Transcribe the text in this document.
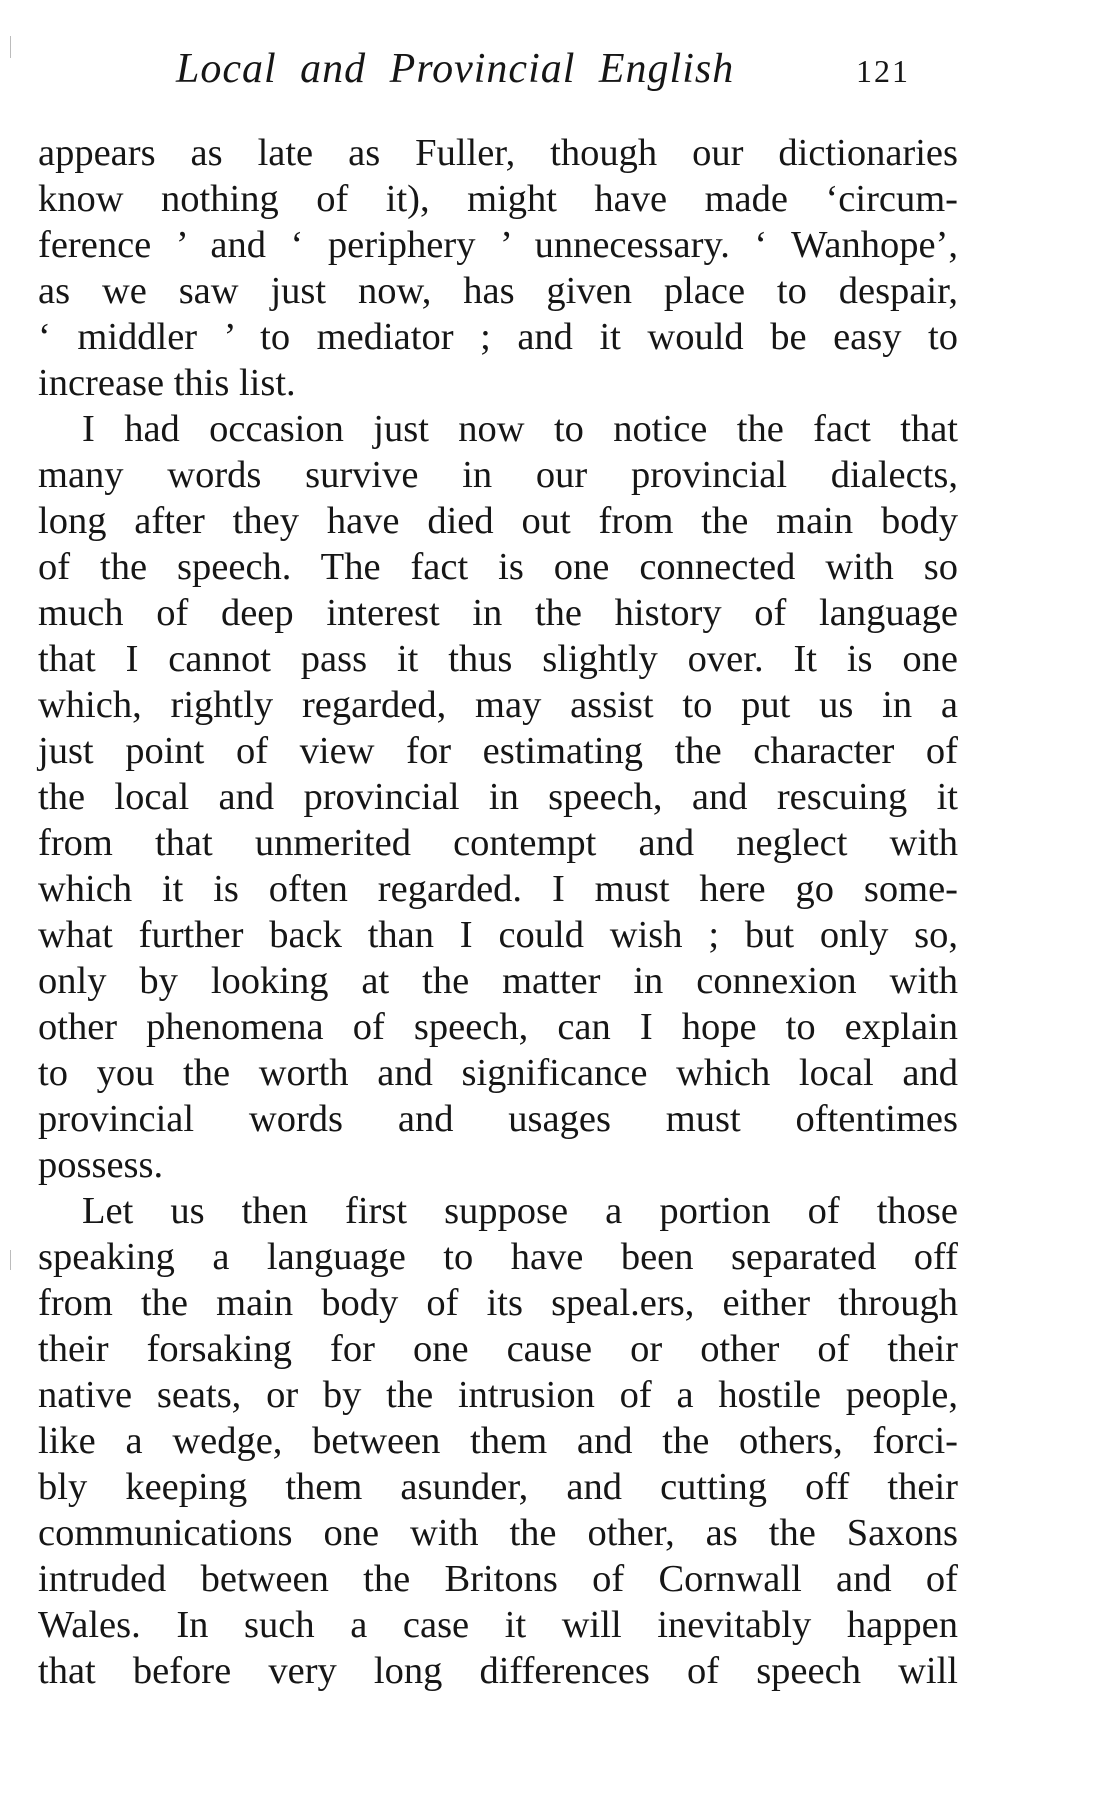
Local and Provincial English	121
appears as late as Fuller, though our dictionaries
know nothing of it), might have made ‘circum-
ference ’ and ‘ periphery ’ unnecessary. ‘ Wanhope’,
as we saw just now, has given place to despair,
‘ middler ’ to mediator ; and it would be easy to
increase this list.
I had occasion just now to notice the fact that
many words survive in our provincial dialects,
long after they have died out from the main body
of the speech. The fact is one connected with so
much of deep interest in the history of language
that I cannot pass it thus slightly over. It is one
which, rightly regarded, may assist to put us in a
just point of view for estimating the character of
the local and provincial in speech, and rescuing it
from that unmerited contempt and neglect with
which it is often regarded. I must here go some-
what further back than I could wish ; but only so,
only by looking at the matter in connexion with
other phenomena of speech, can I hope to explain
to you the worth and significance which local and
provincial words and usages must oftentimes
possess.
Let us then first suppose a portion of those
speaking a language to have been separated off
from the main body of its speal.ers, either through
their forsaking for one cause or other of their
native seats, or by the intrusion of a hostile people,
like a wedge, between them and the others, forci-
bly keeping them asunder, and cutting off their
communications one with the other, as the Saxons
intruded between the Britons of Cornwall and of
Wales. In such a case it will inevitably happen
that before very long differences of speech will
